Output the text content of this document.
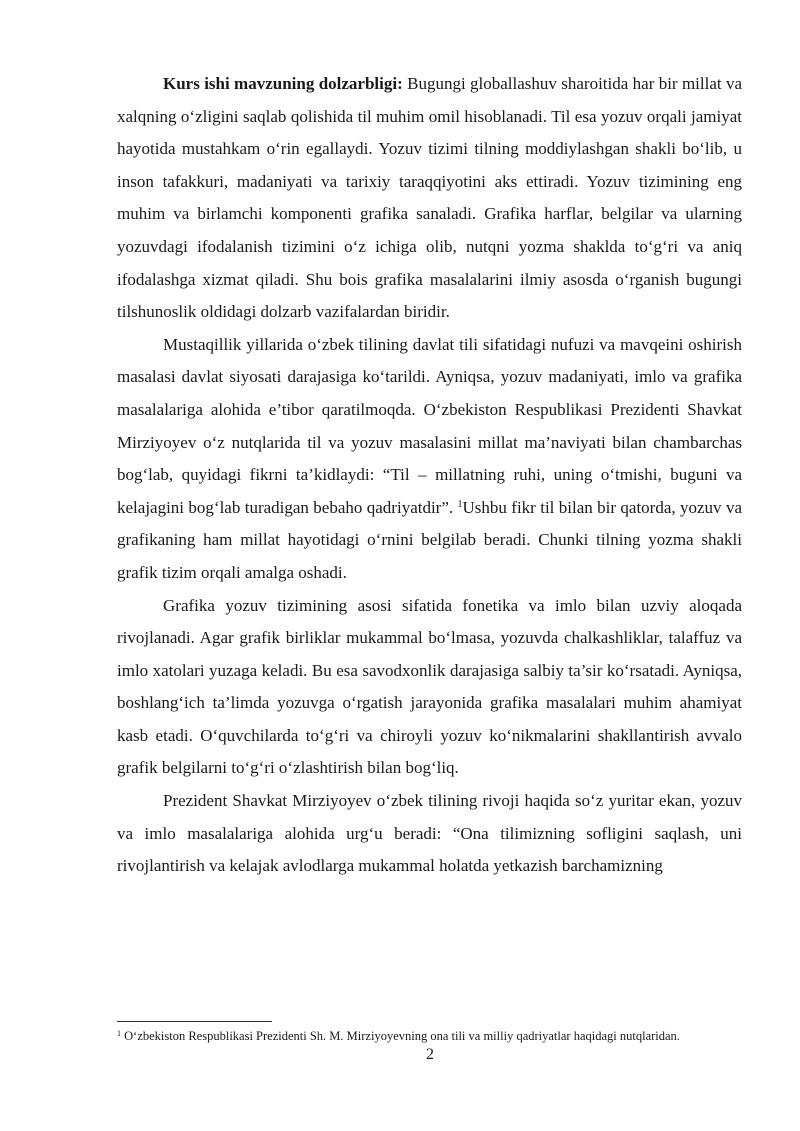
Kurs ishi mavzuning dolzarbligi: Bugungi globallashuv sharoitida har bir millat va xalqning o‘zligini saqlab qolishida til muhim omil hisoblanadi. Til esa yozuv orqali jamiyat hayotida mustahkam o‘rin egallaydi. Yozuv tizimi tilning moddiylashgan shakli bo‘lib, u inson tafakkuri, madaniyati va tarixiy taraqqiyotini aks ettiradi. Yozuv tizimining eng muhim va birlamchi komponenti grafika sanaladi. Grafika harflar, belgilar va ularning yozuvdagi ifodalanish tizimini o‘z ichiga olib, nutqni yozma shaklda to‘g‘ri va aniq ifodalashga xizmat qiladi. Shu bois grafika masalalarini ilmiy asosda o‘rganish bugungi tilshunoslik oldidagi dolzarb vazifalardan biridir.

Mustaqillik yillarida o‘zbek tilining davlat tili sifatidagi nufuzi va mavqeini oshirish masalasi davlat siyosati darajasiga ko‘tarildi. Ayniqsa, yozuv madaniyati, imlo va grafika masalalariga alohida e’tibor qaratilmoqda. O‘zbekiston Respublikasi Prezidenti Shavkat Mirziyoyev o‘z nutqlarida til va yozuv masalasini millat ma’naviyati bilan chambarchas bog‘lab, quyidagi fikrni ta’kidlaydi: “Til – millatning ruhi, uning o‘tmishi, buguni va kelajagini bog‘lab turadigan bebaho qadriyatdir”. $^1$Ushbu fikr til bilan bir qatorda, yozuv va grafikaning ham millat hayotidagi o‘rnini belgilab beradi. Chunki tilning yozma shakli grafik tizim orqali amalga oshadi.

Grafika yozuv tizimining asosi sifatida fonetika va imlo bilan uzviy aloqada rivojlanadi. Agar grafik birliklar mukammal bo‘lmasa, yozuvda chalkashliklar, talaffuz va imlo xatolari yuzaga keladi. Bu esa savodxonlik darajasiga salbiy ta’sir ko‘rsatadi. Ayniqsa, boshlang‘ich ta’limda yozuvga o‘rgatish jarayonida grafika masalalari muhim ahamiyat kasb etadi. O‘quvchilarda to‘g‘ri va chiroyli yozuv ko‘nikmalarini shakllantirish avvalo grafik belgilarni to‘g‘ri o‘zlashtirish bilan bog‘liq.

Prezident Shavkat Mirziyoyev o‘zbek tilining rivoji haqida so‘z yuritar ekan, yozuv va imlo masalalariga alohida urg‘u beradi: “Ona tilimizning sofligini saqlash, uni rivojlantirish va kelajak avlodlarga mukammal holatda yetkazish barchamizning

$^1$ O‘zbekiston Respublikasi Prezidenti Sh. M. Mirziyoyevning ona tili va milliy qadriyatlar haqidagi nutqlaridan.
2
